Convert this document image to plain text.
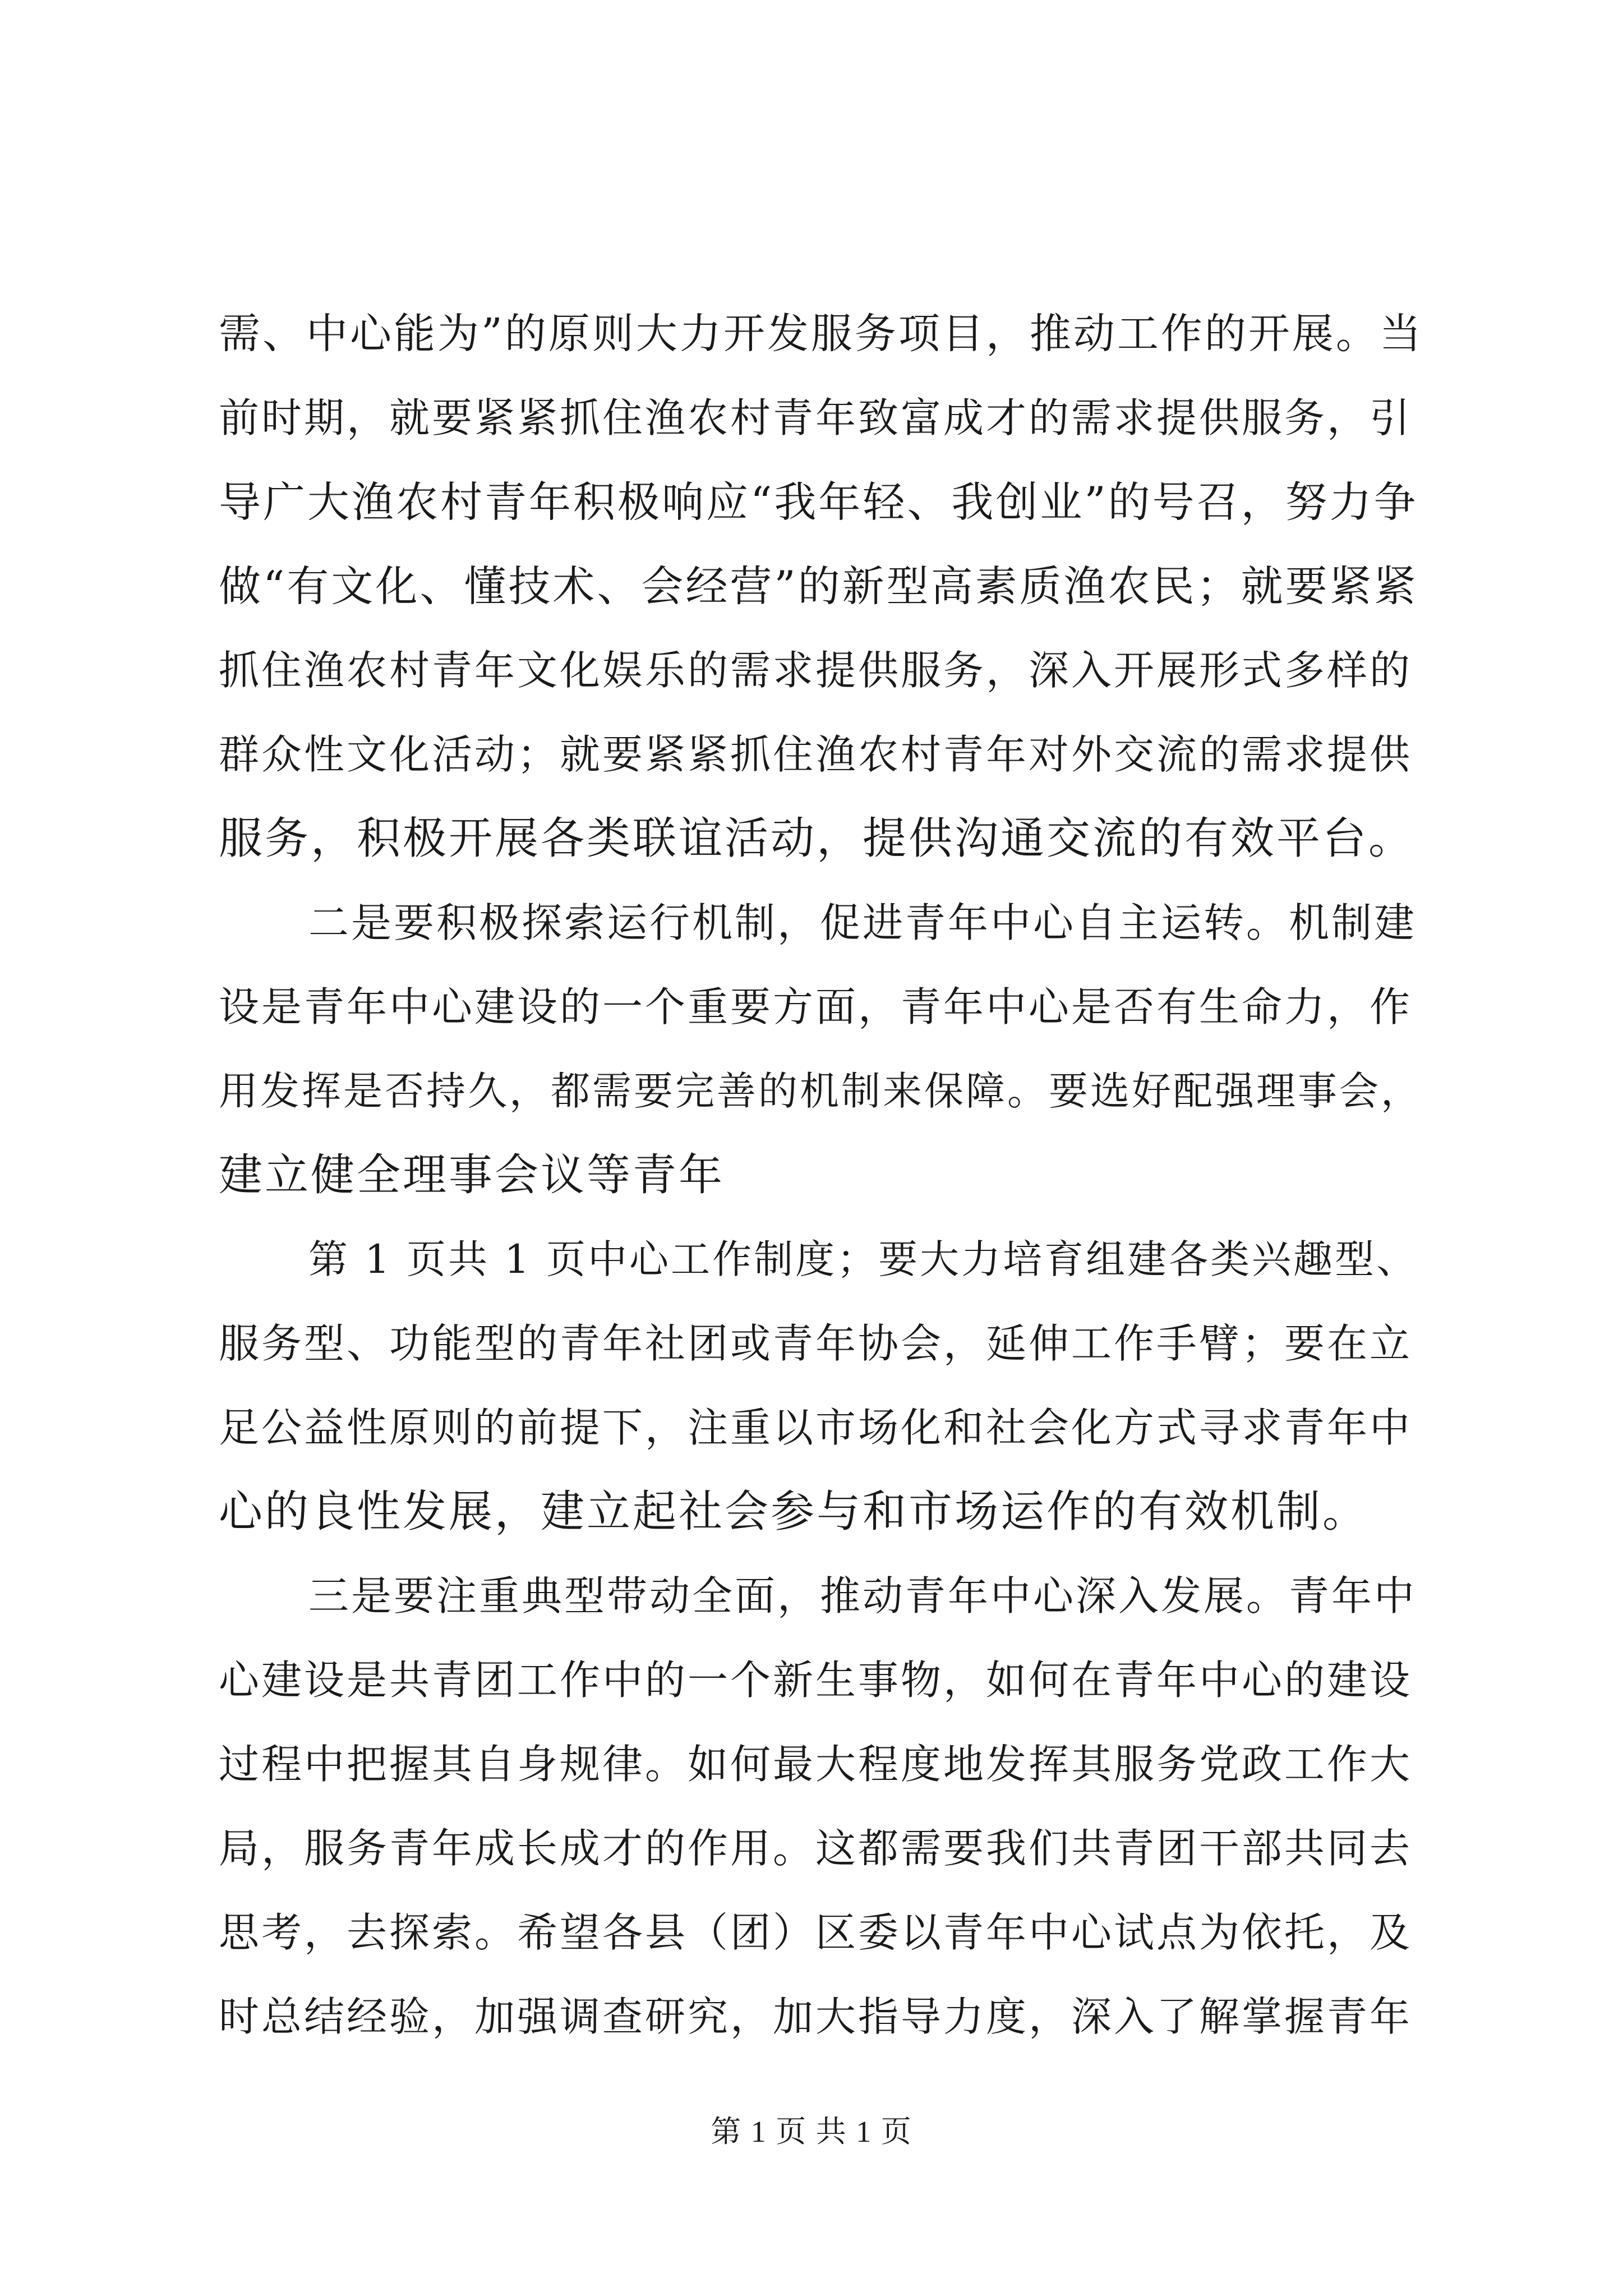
需、中心能为”的原则大力开发服务项目，推动工作的开展。当
前时期，就要紧紧抓住渔农村青年致富成才的需求提供服务，引
导广大渔农村青年积极响应“我年轻、我创业”的号召，努力争
做“有文化、懂技术、会经营”的新型高素质渔农民；就要紧紧
抓住渔农村青年文化娱乐的需求提供服务，深入开展形式多样的
群众性文化活动；就要紧紧抓住渔农村青年对外交流的需求提供
服务，积极开展各类联谊活动，提供沟通交流的有效平台。
二是要积极探索运行机制，促进青年中心自主运转。机制建
设是青年中心建设的一个重要方面，青年中心是否有生命力，作
用发挥是否持久，都需要完善的机制来保障。要选好配强理事会，
建立健全理事会议等青年
第 1 页共 1 页中心工作制度；要大力培育组建各类兴趣型、
服务型、功能型的青年社团或青年协会，延伸工作手臂；要在立
足公益性原则的前提下，注重以市场化和社会化方式寻求青年中
心的良性发展，建立起社会参与和市场运作的有效机制。
三是要注重典型带动全面，推动青年中心深入发展。青年中
心建设是共青团工作中的一个新生事物，如何在青年中心的建设
过程中把握其自身规律。如何最大程度地发挥其服务党政工作大
局，服务青年成长成才的作用。这都需要我们共青团干部共同去
思考，去探索。希望各县（团）区委以青年中心试点为依托，及
时总结经验，加强调查研究，加大指导力度，深入了解掌握青年
第 1 页 共 1 页
